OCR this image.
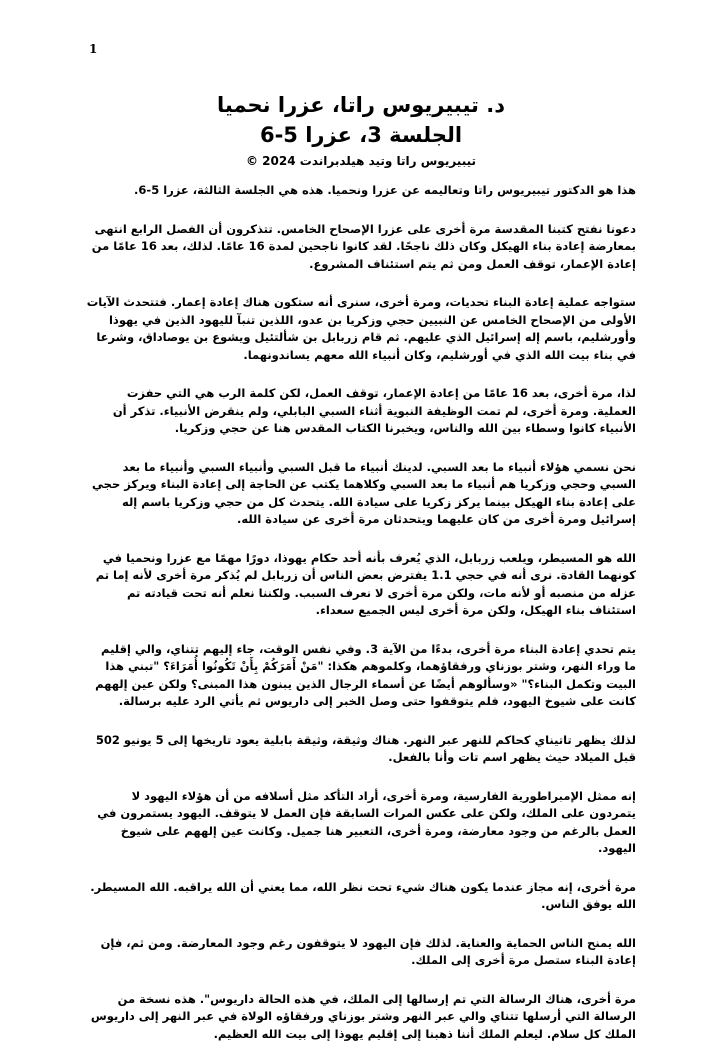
1
د. تيبيريوس راتا، عزرا نحميا
الجلسة 3، عزرا 5-6

تيبيريوس راتا وتيد هيلدبراندت 2024 ©

هذا هو الدكتور تيبيريوس راتا وتعاليمه عن عزرا ونحميا. هذه هي الجلسة الثالثة، عزرا 5-6.

دعونا نفتح كتبنا المقدسة مرة أخرى على عزرا الإصحاح الخامس. تتذكرون أن الفصل الرابع انتهى بمعارضة إعادة بناء الهيكل وكان ذلك ناجحًا. لقد كانوا ناجحين لمدة 16 عامًا. لذلك، بعد 16 عامًا من إعادة الإعمار، توقف العمل ومن ثم يتم استئناف المشروع.

ستواجه عملية إعادة البناء تحديات، ومرة أخرى، سنرى أنه ستكون هناك إعادة إعمار. فتتحدث الآيات الأولى من الإصحاح الخامس عن النبيين حجي وزكريا بن عدو، اللذين تنبآ لليهود الذين في يهوذا وأورشليم، باسم إله إسرائيل الذي عليهم. ثم قام زربابل بن شألتئيل ويشوع بن يوصاداق، وشرعا في بناء بيت الله الذي في أورشليم، وكان أنبياء الله معهم يساندونهما.

لذا، مرة أخرى، بعد 16 عامًا من إعادة الإعمار، توقف العمل، لكن كلمة الرب هي التي حفزت العملية. ومرة أخرى، لم تمت الوظيفة النبوية أثناء السبي البابلي، ولم ينقرض الأنبياء. تذكر أن الأنبياء كانوا وسطاء بين الله والناس، ويخبرنا الكتاب المقدس هنا عن حجي وزكريا.

نحن نسمي هؤلاء أنبياء ما بعد السبي. لدينك أنبياء ما قبل السبي وأنبياء السبي وأنبياء ما بعد السبي وحجي وزكريا هم أنبياء ما بعد السبي وكلاهما يكتب عن الحاجة إلى إعادة البناء ويركز حجي على إعادة بناء الهيكل بينما يركز زكريا على سيادة الله. يتحدث كل من حجي وزكريا باسم إله إسرائيل ومرة أخرى من كان عليهما ويتحدثان مرة أخرى عن سيادة الله.

الله هو المسيطر، ويلعب زربابل، الذي يُعرف بأنه أحد حكام يهوذا، دورًا مهمًا مع عزرا ونحميا في كونهما القادة. نرى أنه في حجي 1.1 يفترض بعض الناس أن زربابل لم يُذكر مرة أخرى لأنه إما تم عزله من منصبه أو لأنه مات، ولكن مرة أخرى لا نعرف السبب. ولكننا نعلم أنه تحت قيادته تم استئناف بناء الهيكل، ولكن مرة أخرى ليس الجميع سعداء.

يتم تحدي إعادة البناء مرة أخرى، بدءًا من الآية 3. وفي نفس الوقت، جاء إليهم تتناي، والي إقليم ما وراء النهر، وشتر بوزناي ورفقاؤهما، وكلموهم هكذا: "مَنْ أَمَرَكُمْ بِأَنْ تَكُونُوا أُمَرَاءَ؟ "تبني هذا البيت وتكمل البناء؟" «وسألوهم أيضًا عن أسماء الرجال الذين يبنون هذا المبنى؟ ولكن عين إلههم كانت على شيوخ اليهود، فلم يتوقفوا حتى وصل الخبر إلى داريوس ثم يأتي الرد عليه برسالة.

لذلك يظهر تاتيناي كحاكم للنهر عبر النهر. هناك وثيقة، وثيقة بابلية يعود تاريخها إلى 5 يونيو 502 قبل الميلاد حيث يظهر اسم تات وأنا بالفعل.

إنه ممثل الإمبراطورية الفارسية، ومرة أخرى، أراد التأكد مثل أسلافه من أن هؤلاء اليهود لا يتمردون على الملك، ولكن على عكس المرات السابقة فإن العمل لا يتوقف. اليهود يستمرون في العمل بالرغم من وجود معارضة، ومرة أخرى، التعبير هنا جميل. وكانت عين إلههم على شيوخ اليهود.

مرة أخرى، إنه مجاز عندما يكون هناك شيء تحت نظر الله، مما يعني أن الله يراقبه. الله المسيطر. الله يوفق الناس.

الله يمنح الناس الحماية والعناية. لذلك فإن اليهود لا يتوقفون رغم وجود المعارضة. ومن ثم، فإن إعادة البناء ستصل مرة أخرى إلى الملك.

مرة أخرى، هناك الرسالة التي تم إرسالها إلى الملك، في هذه الحالة داريوس". هذه نسخة من الرسالة التي أرسلها تتناي والي عبر النهر وشتر بوزناي ورفقاؤه الولاة في عبر النهر إلى داريوس الملك كل سلام. ليعلم الملك أننا ذهبنا إلى إقليم يهوذا إلى بيت الله العظيم.
